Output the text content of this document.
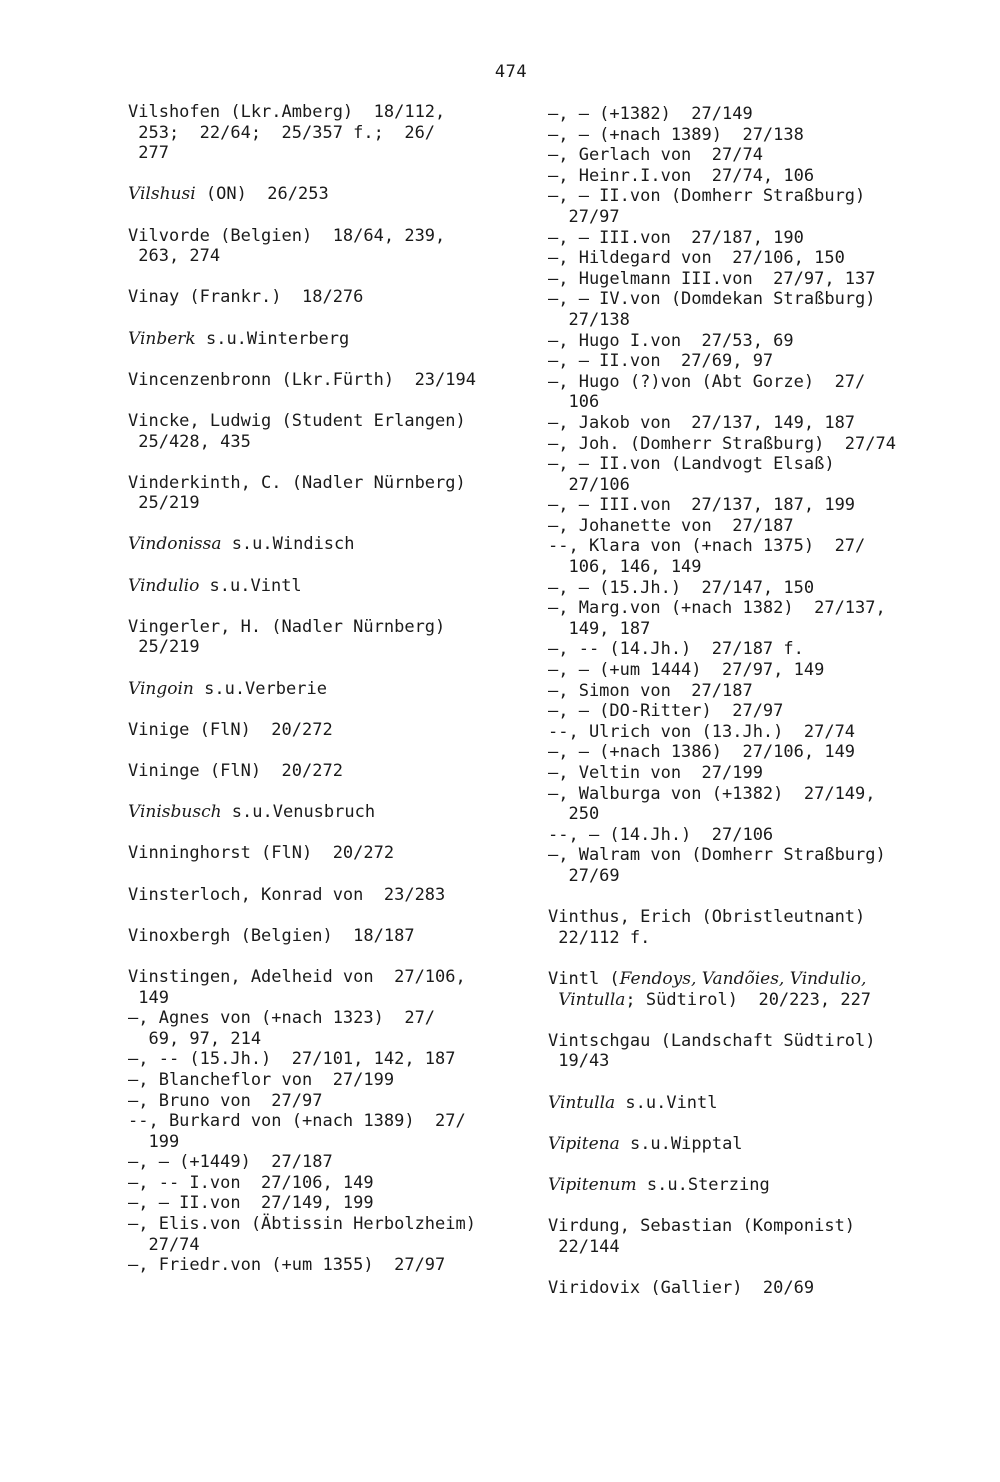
474
Vilshofen (Lkr.Amberg)  18/112,
253;  22/64;  25/357 f.;  26/
277
Vilshusi (ON)  26/253
Vilvorde (Belgien)  18/64, 239,
263, 274
Vinay (Frankr.)  18/276
Vinberk s.u.Winterberg
Vincenzenbronn (Lkr.Fürth)  23/194
Vincke, Ludwig (Student Erlangen)
25/428, 435
Vinderkinth, C. (Nadler Nürnberg)
25/219
Vindonissa s.u.Windisch
Vindulio s.u.Vintl
Vingerler, H. (Nadler Nürnberg)
25/219
Vingoin s.u.Verberie
Vinige (FlN)  20/272
Vininge (FlN)  20/272
Vinisbusch s.u.Venusbruch
Vinninghorst (FlN)  20/272
Vinsterloch, Konrad von  23/283
Vinoxbergh (Belgien)  18/187
Vinstingen, Adelheid von  27/106,
149
—, Agnes von (+nach 1323)  27/
69, 97, 214
—, -- (15.Jh.)  27/101, 142, 187
—, Blancheflor von  27/199
—, Bruno von  27/97
--, Burkard von (+nach 1389)  27/
199
—, — (+1449)  27/187
—, -- I.von  27/106, 149
—, — II.von  27/149, 199
—, Elis.von (Äbtissin Herbolzheim)
27/74
—, Friedr.von (+um 1355)  27/97
—, — (+1382)  27/149
—, — (+nach 1389)  27/138
—, Gerlach von  27/74
—, Heinr.I.von  27/74, 106
—, — II.von (Domherr Straßburg)
27/97
—, — III.von  27/187, 190
—, Hildegard von  27/106, 150
—, Hugelmann III.von  27/97, 137
—, — IV.von (Domdekan Straßburg)
27/138
—, Hugo I.von  27/53, 69
—, — II.von  27/69, 97
—, Hugo (?)von (Abt Gorze)  27/
106
—, Jakob von  27/137, 149, 187
—, Joh. (Domherr Straßburg)  27/74
—, — II.von (Landvogt Elsaß)
27/106
—, — III.von  27/137, 187, 199
—, Johanette von  27/187
--, Klara von (+nach 1375)  27/
106, 146, 149
—, — (15.Jh.)  27/147, 150
—, Marg.von (+nach 1382)  27/137,
149, 187
—, -- (14.Jh.)  27/187 f.
—, — (+um 1444)  27/97, 149
—, Simon von  27/187
—, — (DO-Ritter)  27/97
--, Ulrich von (13.Jh.)  27/74
—, — (+nach 1386)  27/106, 149
—, Veltin von  27/199
—, Walburga von (+1382)  27/149,
250
--, — (14.Jh.)  27/106
—, Walram von (Domherr Straßburg)
27/69
Vinthus, Erich (Obristleutnant)
22/112 f.
Vintl (Fendoys, Vandõies, Vindulio,
Vintulla; Südtirol)  20/223, 227
Vintschgau (Landschaft Südtirol)
19/43
Vintulla s.u.Vintl
Vipitena s.u.Wipptal
Vipitenum s.u.Sterzing
Virdung, Sebastian (Komponist)
22/144
Viridovix (Gallier)  20/69
